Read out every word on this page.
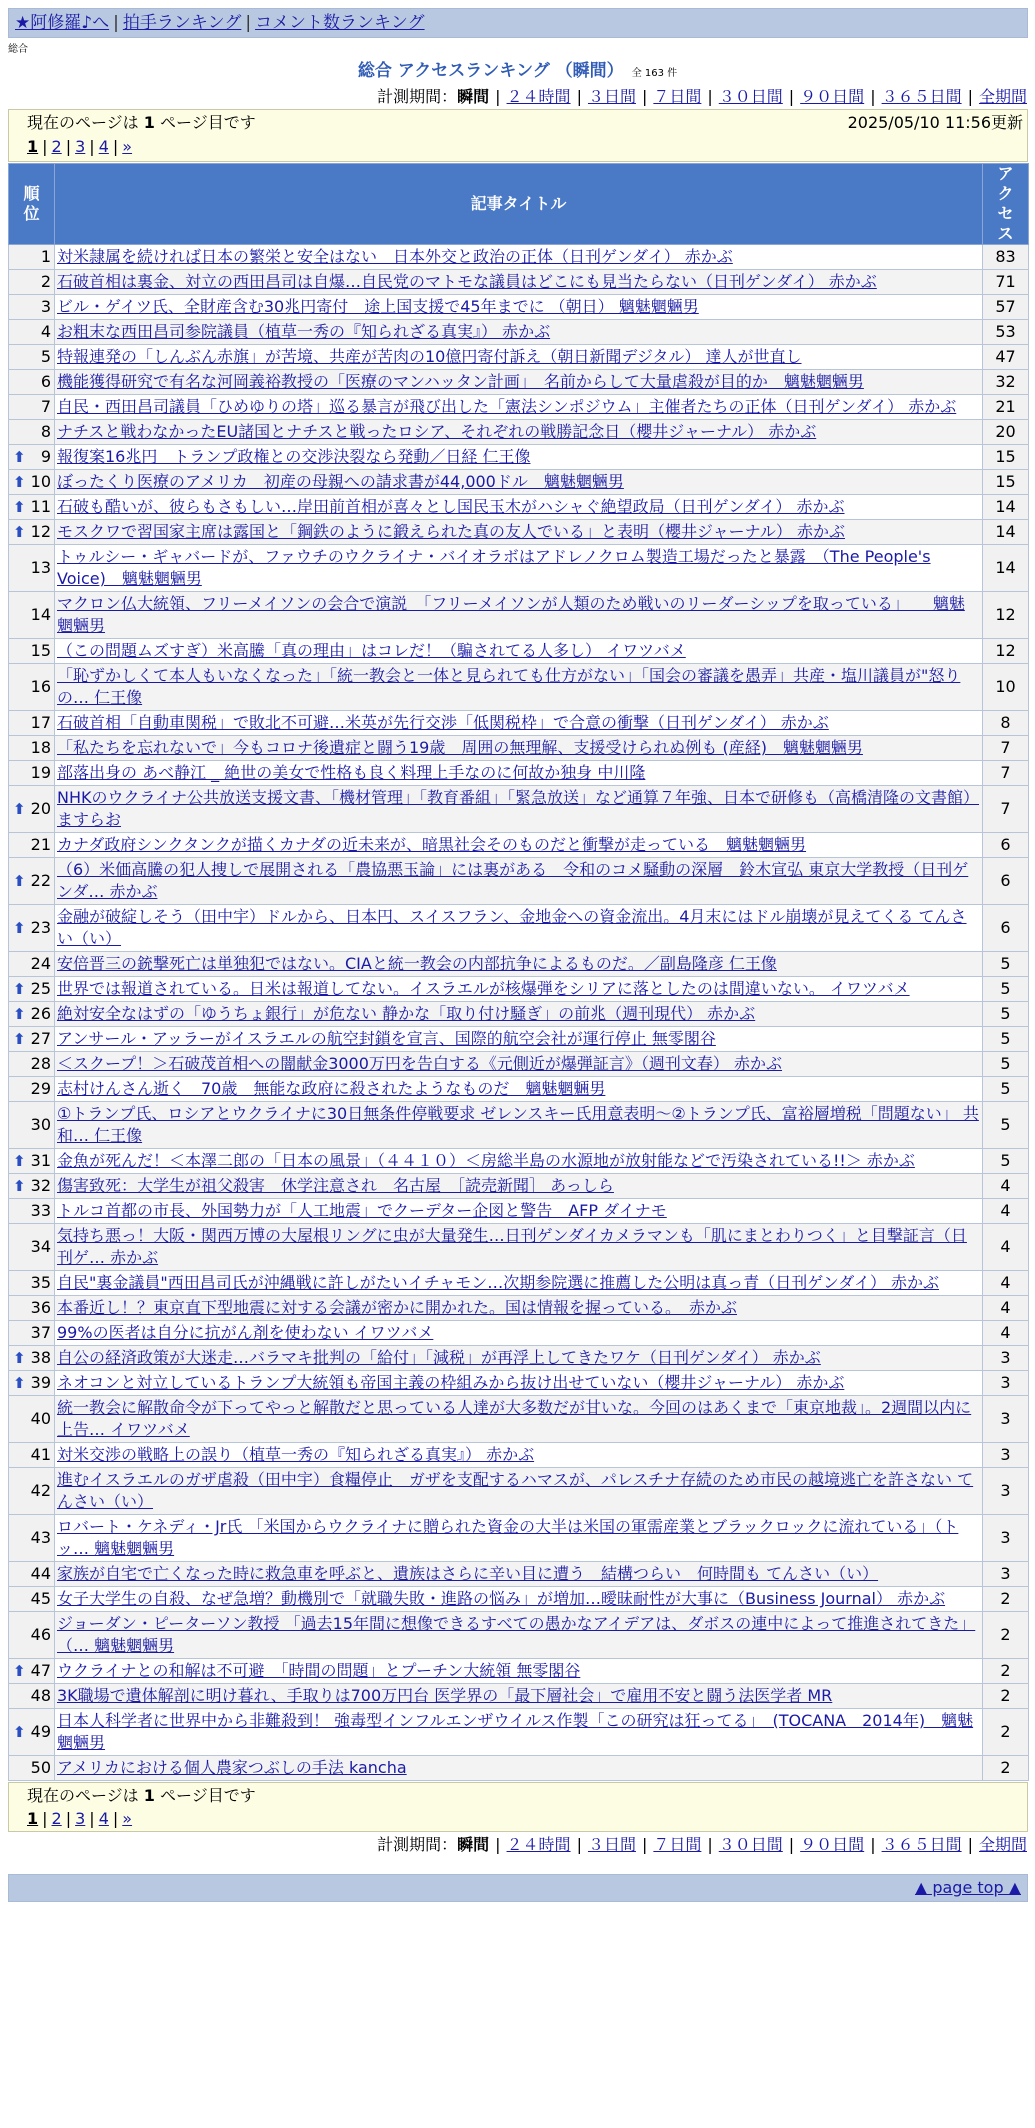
★阿修羅♪へ | 拍手ランキング | コメント数ランキング
総合
総合 アクセスランキング （瞬間） 全 163 件
計測期間：瞬間 | ２４時間 | ３日間 | ７日間 | ３０日間 | ９０日間 | ３６５日間 | 全期間
現在のページは 1 ページ目です	2025/05/10 11:56更新
1 | 2 | 3 | 4 | »
順位	記事タイトル	アクセス
1	対米隷属を続ければ日本の繁栄と安全はない　日本外交と政治の正体（日刊ゲンダイ） 赤かぶ	83
2	石破首相は裏金、対立の西田昌司は自爆…自民党のマトモな議員はどこにも見当たらない（日刊ゲンダイ） 赤かぶ	71
3	ビル・ゲイツ氏、全財産含む30兆円寄付　途上国支援で45年までに （朝日） 魑魅魍魎男	57
4	お粗末な西田昌司参院議員（植草一秀の『知られざる真実』） 赤かぶ	53
5	特報連発の「しんぶん赤旗」が苦境、共産が苦肉の10億円寄付訴え（朝日新聞デジタル） 達人が世直し	47
6	機能獲得研究で有名な河岡義裕教授の「医療のマンハッタン計画」　名前からして大量虐殺が目的か　魑魅魍魎男	32
7	自民・西田昌司議員「ひめゆりの塔」巡る暴言が飛び出した「憲法シンポジウム」主催者たちの正体（日刊ゲンダイ） 赤かぶ	21
8	ナチスと戦わなかったEU諸国とナチスと戦ったロシア、それぞれの戦勝記念日（櫻井ジャーナル） 赤かぶ	20

⬆ 9	報復案16兆円　トランプ政権との交渉決裂なら発動／日経 仁王像	15

⬆ 10	ぼったくり医療のアメリカ　初産の母親への請求書が44,000ドル　魑魅魍魎男	15

⬆ 11	石破も酷いが、彼らもさもしい…岸田前首相が喜々とし国民玉木がハシャぐ絶望政局（日刊ゲンダイ） 赤かぶ	14

⬆ 12	モスクワで習国家主席は露国と「鋼鉄のように鍛えられた真の友人でいる」と表明（櫻井ジャーナル） 赤かぶ	14
13	トゥルシー・ギャバードが、ファウチのウクライナ・バイオラボはアドレノクロム製造工場だったと暴露　（The People's Voice)　魑魅魍魎男	14
14	マクロン仏大統領、フリーメイソンの会合で演説　「フリーメイソンが人類のため戦いのリーダーシップを取っている」　　魑魅魍魎男	12
15	（この問題ムズすぎ）米高騰「真の理由」はコレだ！（騙されてる人多し） イワツバメ	12
16	「恥ずかしくて本人もいなくなった」「統一教会と一体と見られても仕方がない」「国会の審議を愚弄」共産・塩川議員が"怒りの… 仁王像	10
17	石破首相「自動車関税」で敗北不可避…米英が先行交渉「低関税枠」で合意の衝撃（日刊ゲンダイ） 赤かぶ	8
18	「私たちを忘れないで」今もコロナ後遺症と闘う19歳　周囲の無理解、支援受けられぬ例も (産経)　魑魅魍魎男	7
19	部落出身の あべ静江 _ 絶世の美女で性格も良く料理上手なのに何故か独身 中川隆	7

⬆ 20	NHKのウクライナ公共放送支援文書、「機材管理」「教育番組」「緊急放送」など通算７年強、日本で研修も（高橋清隆の文書館） ますらお	7
21	カナダ政府シンクタンクが描くカナダの近未来が、暗黒社会そのものだと衝撃が走っている　魑魅魍魎男	6

⬆ 22	（6）米価高騰の犯人捜しで展開される「農協悪玉論」には裏がある　令和のコメ騒動の深層　鈴木宣弘 東京大学教授（日刊ゲンダ… 赤かぶ	6

⬆ 23	金融が破綻しそう（田中宇）ドルから、日本円、スイスフラン、金地金への資金流出。4月末にはドル崩壊が見えてくる てんさい（い）	6
24	安倍晋三の銃撃死亡は単独犯ではない。CIAと統一教会の内部抗争によるものだ。／副島隆彦 仁王像	5

⬆ 25	世界では報道されている。日米は報道してない。イスラエルが核爆弾をシリアに落としたのは間違いない。 イワツバメ	5

⬆ 26	絶対安全なはずの「ゆうちょ銀行」が危ない 静かな「取り付け騒ぎ」の前兆（週刊現代） 赤かぶ	5

⬆ 27	アンサール・アッラーがイスラエルの航空封鎖を宣言、国際的航空会社が運行停止 無零閣谷	5
28	＜スクープ！＞石破茂首相への闇献金3000万円を告白する《元側近が爆弾証言》（週刊文春） 赤かぶ	5
29	志村けんさん逝く　70歳　無能な政府に殺されたようなものだ　魑魅魍魎男	5
30	①トランプ氏、ロシアとウクライナに30日無条件停戦要求 ゼレンスキー氏用意表明～②トランプ氏、富裕層増税「問題ない」 共和… 仁王像	5

⬆ 31	金魚が死んだ！＜本澤二郎の「日本の風景」（４４１０）＜房総半島の水源地が放射能などで汚染されている!!＞ 赤かぶ	5

⬆ 32	傷害致死：大学生が祖父殺害　休学注意され　名古屋　［読売新聞］ あっしら	4
33	トルコ首都の市長、外国勢力が「人工地震」でクーデター企図と警告　AFP ダイナモ	4
34	気持ち悪っ！大阪・関西万博の大屋根リングに虫が大量発生…日刊ゲンダイカメラマンも「肌にまとわりつく」と目撃証言（日刊ゲ… 赤かぶ	4
35	自民"裏金議員"西田昌司氏が沖縄戦に許しがたいイチャモン…次期参院選に推薦した公明は真っ青（日刊ゲンダイ） 赤かぶ	4
36	本番近し！？東京直下型地震に対する会議が密かに開かれた。国は情報を握っている。　赤かぶ	4
37	99%の医者は自分に抗がん剤を使わない イワツバメ	4

⬆ 38	自公の経済政策が大迷走…バラマキ批判の「給付」「減税」が再浮上してきたワケ（日刊ゲンダイ） 赤かぶ	3

⬆ 39	ネオコンと対立しているトランプ大統領も帝国主義の枠組みから抜け出せていない（櫻井ジャーナル） 赤かぶ	3
40	統一教会に解散命令が下ってやっと解散だと思っている人達が大多数だが甘いな。今回のはあくまで「東京地裁」。2週間以内に上告… イワツバメ	3
41	対米交渉の戦略上の誤り（植草一秀の『知られざる真実』） 赤かぶ	3
42	進むイスラエルのガザ虐殺（田中宇）食糧停止　ガザを支配するハマスが、パレスチナ存続のため市民の越境逃亡を許さない てんさい（い）	3
43	ロバート・ケネディ・Jr氏 「米国からウクライナに贈られた資金の大半は米国の軍需産業とブラックロックに流れている」（トッ… 魑魅魍魎男	3
44	家族が自宅で亡くなった時に救急車を呼ぶと、遺族はさらに辛い目に遭う　結構つらい　何時間も てんさい（い）	3
45	女子大学生の自殺、なぜ急増？動機別で「就職失敗・進路の悩み」が増加…曖昧耐性が大事に（Business Journal） 赤かぶ	2
46	ジョーダン・ピーターソン教授 「過去15年間に想像できるすべての愚かなアイデアは、ダボスの連中によって推進されてきた」（… 魑魅魍魎男	2

⬆ 47	ウクライナとの和解は不可避　「時間の問題」とプーチン大統領 無零閣谷	2
48	3K職場で遺体解剖に明け暮れ、手取りは700万円台 医学界の「最下層社会」で雇用不安と闘う法医学者 MR	2

⬆ 49	日本人科学者に世界中から非難殺到！ 強毒型インフルエンザウイルス作製「この研究は狂ってる」　(TOCANA　2014年)　魑魅魍魎男	2
50	アメリカにおける個人農家つぶしの手法 kancha	2
現在のページは 1 ページ目です
1 | 2 | 3 | 4 | »
計測期間：瞬間 | ２４時間 | ３日間 | ７日間 | ３０日間 | ９０日間 | ３６５日間 | 全期間
▲ page top ▲
